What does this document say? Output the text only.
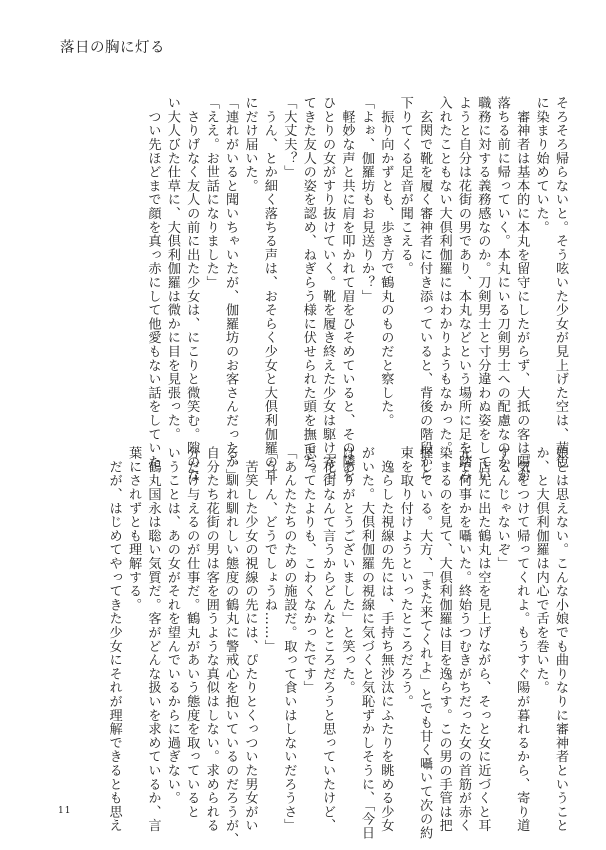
落日の胸に灯る
そろそろ帰らないと。そう呟いた少女が見上げた空は、茜色
に染まり始めていた。
　審神者は基本的に本丸を留守にしたがらず、大抵の客は陽が
落ちる前に帰っていく。本丸にいる刀剣男士への配慮なのか、
職務に対する義務感なのか。刀剣男士と寸分違わぬ姿をしてい
ようと自分は花街の男であり、本丸などという場所に足を踏み
入れたこともない大倶利伽羅にはわかりようもなかった。
　玄関で靴を履く審神者に付き添っていると、背後の階段から
下りてくる足音が聞こえる。
　振り向かずとも、歩き方で鶴丸のものだと察した。
「よぉ、伽羅坊もお見送りか？」
　軽妙な声と共に肩を叩かれて眉をひそめていると、その隣を
ひとりの女がすり抜けていく。靴を履き終えた少女は駆け寄っ
てきた友人の姿を認め、ねぎらう様に伏せられた頭を撫でた。
「大丈夫？」
　うん、とか細く落ちる声は、おそらく少女と大倶利伽羅の耳
にだけ届いた。
「連れがいると聞いちゃいたが、伽羅坊のお客さんだったか」
「ええ。お世話になりました」
　さりげなく友人の前に出た少女は、にこりと微笑む。隙のな
い大人びた仕草に、大倶利伽羅は微かに目を見張った。
　つい先ほどまで顔を真っ赤にして他愛もない話をしていた
娘とは思えない。こんな小娘でも曲りなりに審神者ということ
か、と大倶利伽羅は内心で舌を巻いた。
「気をつけて帰ってくれよ。もうすぐ陽が暮れるから、寄り道
するんじゃないぞ」
　店先に出た鶴丸は空を見上げながら、そっと女に近づくと耳
元で何事かを囁いた。終始うつむきがちだった女の首筋が赤く
染まるのを見て、大倶利伽羅は目を逸らす。この男の手管は把
握している。大方、「また来てくれよ」とでも甘く囁いて次の約
束を取り付けようといったところだろう。
　逸らした視線の先には、手持ち無沙汰にふたりを眺める少女
がいた。大倶利伽羅の視線に気づくと気恥ずかしそうに、「今日
はありがとうございました」と笑った。
「花街なんて言うからどんなところだろうと思っていたけど、
思ってたよりも、こわくなかったです」
「あんたたちのための施設だ。取って食いはしないだろうさ」
「うーん、どうでしょうね……」
　苦笑した少女の視線の先には、ぴたりとくっついた男女がい
る。馴れ馴れしい態度の鶴丸に警戒心を抱いているのだろうが、
自分たち花街の男は客を囲うような真似はしない。求められる
分だけ与えるのが仕事だ。鶴丸があいう態度を取っていると
いうことは、あの女がそれを望んでいるからに過ぎない。
　鶴丸国永は聡い気質だ。客がどんな扱いを求めているか、言
葉にされずとも理解する。
　だが、はじめてやってきた少女にそれが理解できるとも思え
11
